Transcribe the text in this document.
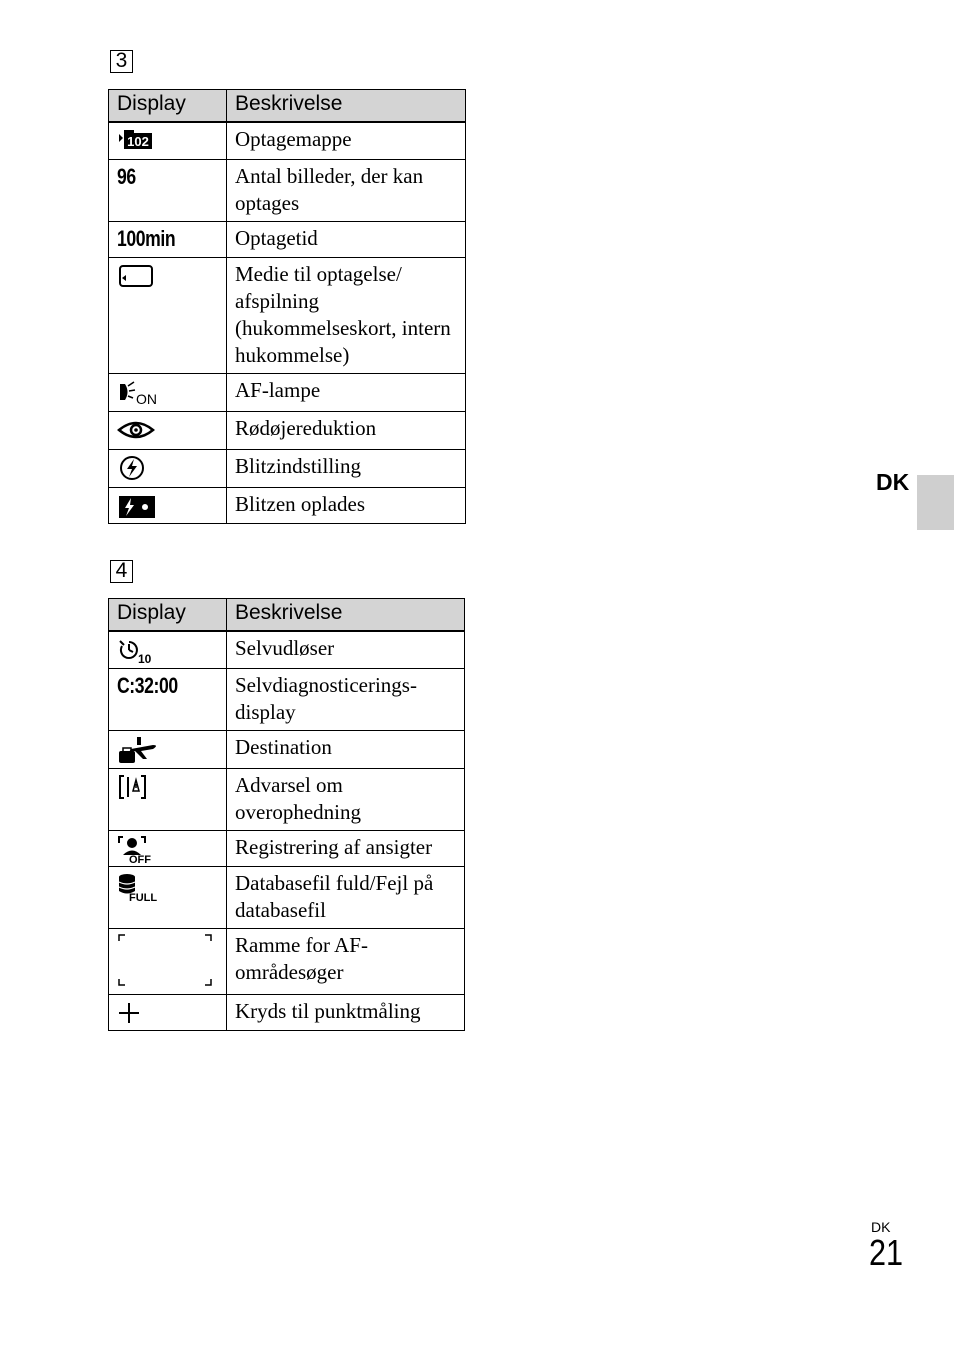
3
Display	Beskrivelse

102	Optagemappe
96	Antal billeder, der kan optages
100min	Optagetid

	Medie til optagelse/ afspilning (hukommelseskort, intern hukommelse)

ON	AF-lampe

	Rødøjereduktion

	Blitzindstilling

	Blitzen oplades
4
Display	Beskrivelse

10	Selvudløser
C:32:00	Selvdiagnosticerings-display

	Destination

	Advarsel om overophedning

OFF	Registrering af ansigter

FULL	Databasefil fuld/Fejl på databasefil

	Ramme for AF-områdesøger

	Kryds til punktmåling
DK
DK
21
